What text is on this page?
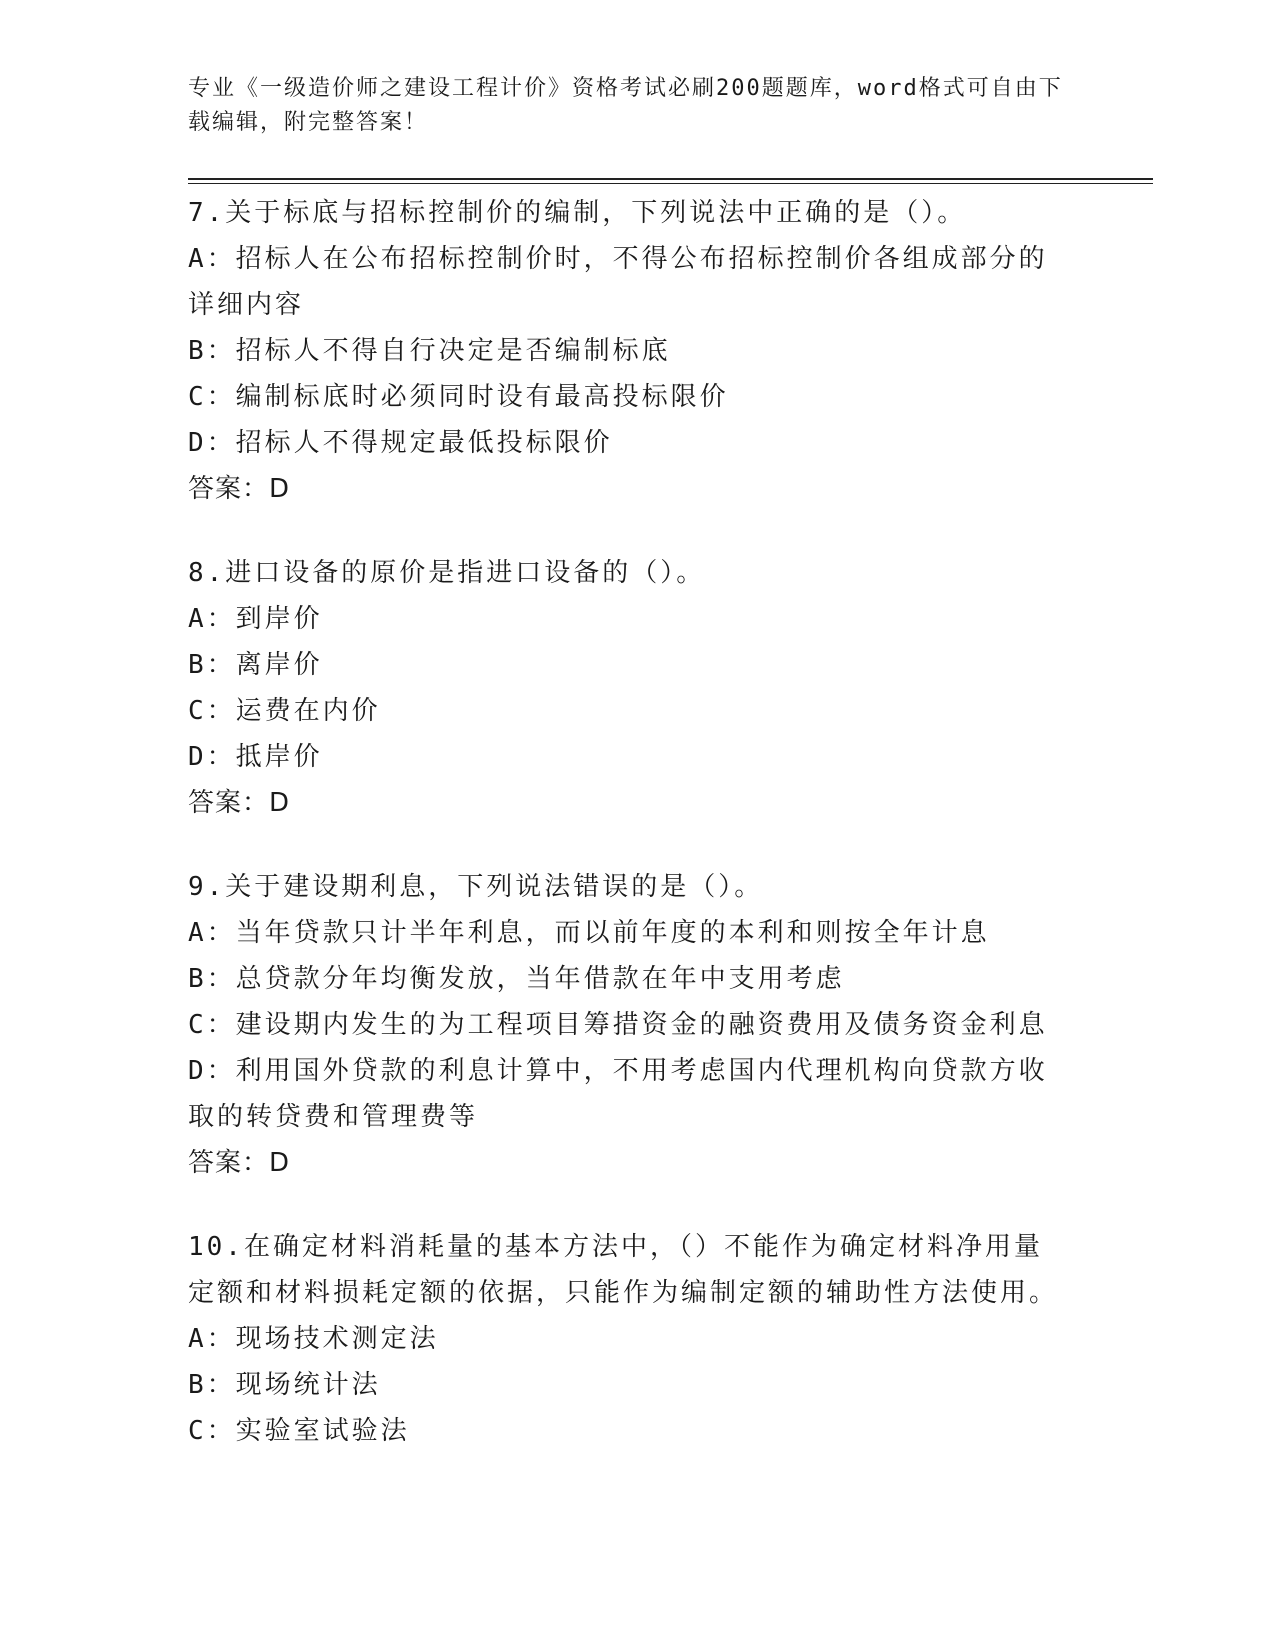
专业《一级造价师之建设工程计价》资格考试必刷200题题库，word格式可自由下载编辑，附完整答案！

7.关于标底与招标控制价的编制，下列说法中正确的是（）。

A：招标人在公布招标控制价时，不得公布招标控制价各组成部分的详细内容

B：招标人不得自行决定是否编制标底

C：编制标底时必须同时设有最高投标限价

D：招标人不得规定最低投标限价

答案：D

8.进口设备的原价是指进口设备的（）。

A：到岸价

B：离岸价

C：运费在内价

D：抵岸价

答案：D

9.关于建设期利息，下列说法错误的是（）。

A：当年贷款只计半年利息，而以前年度的本利和则按全年计息

B：总贷款分年均衡发放，当年借款在年中支用考虑

C：建设期内发生的为工程项目筹措资金的融资费用及债务资金利息

D：利用国外贷款的利息计算中，不用考虑国内代理机构向贷款方收取的转贷费和管理费等

答案：D

10.在确定材料消耗量的基本方法中，（）不能作为确定材料净用量定额和材料损耗定额的依据，只能作为编制定额的辅助性方法使用。

A：现场技术测定法

B：现场统计法

C：实验室试验法
